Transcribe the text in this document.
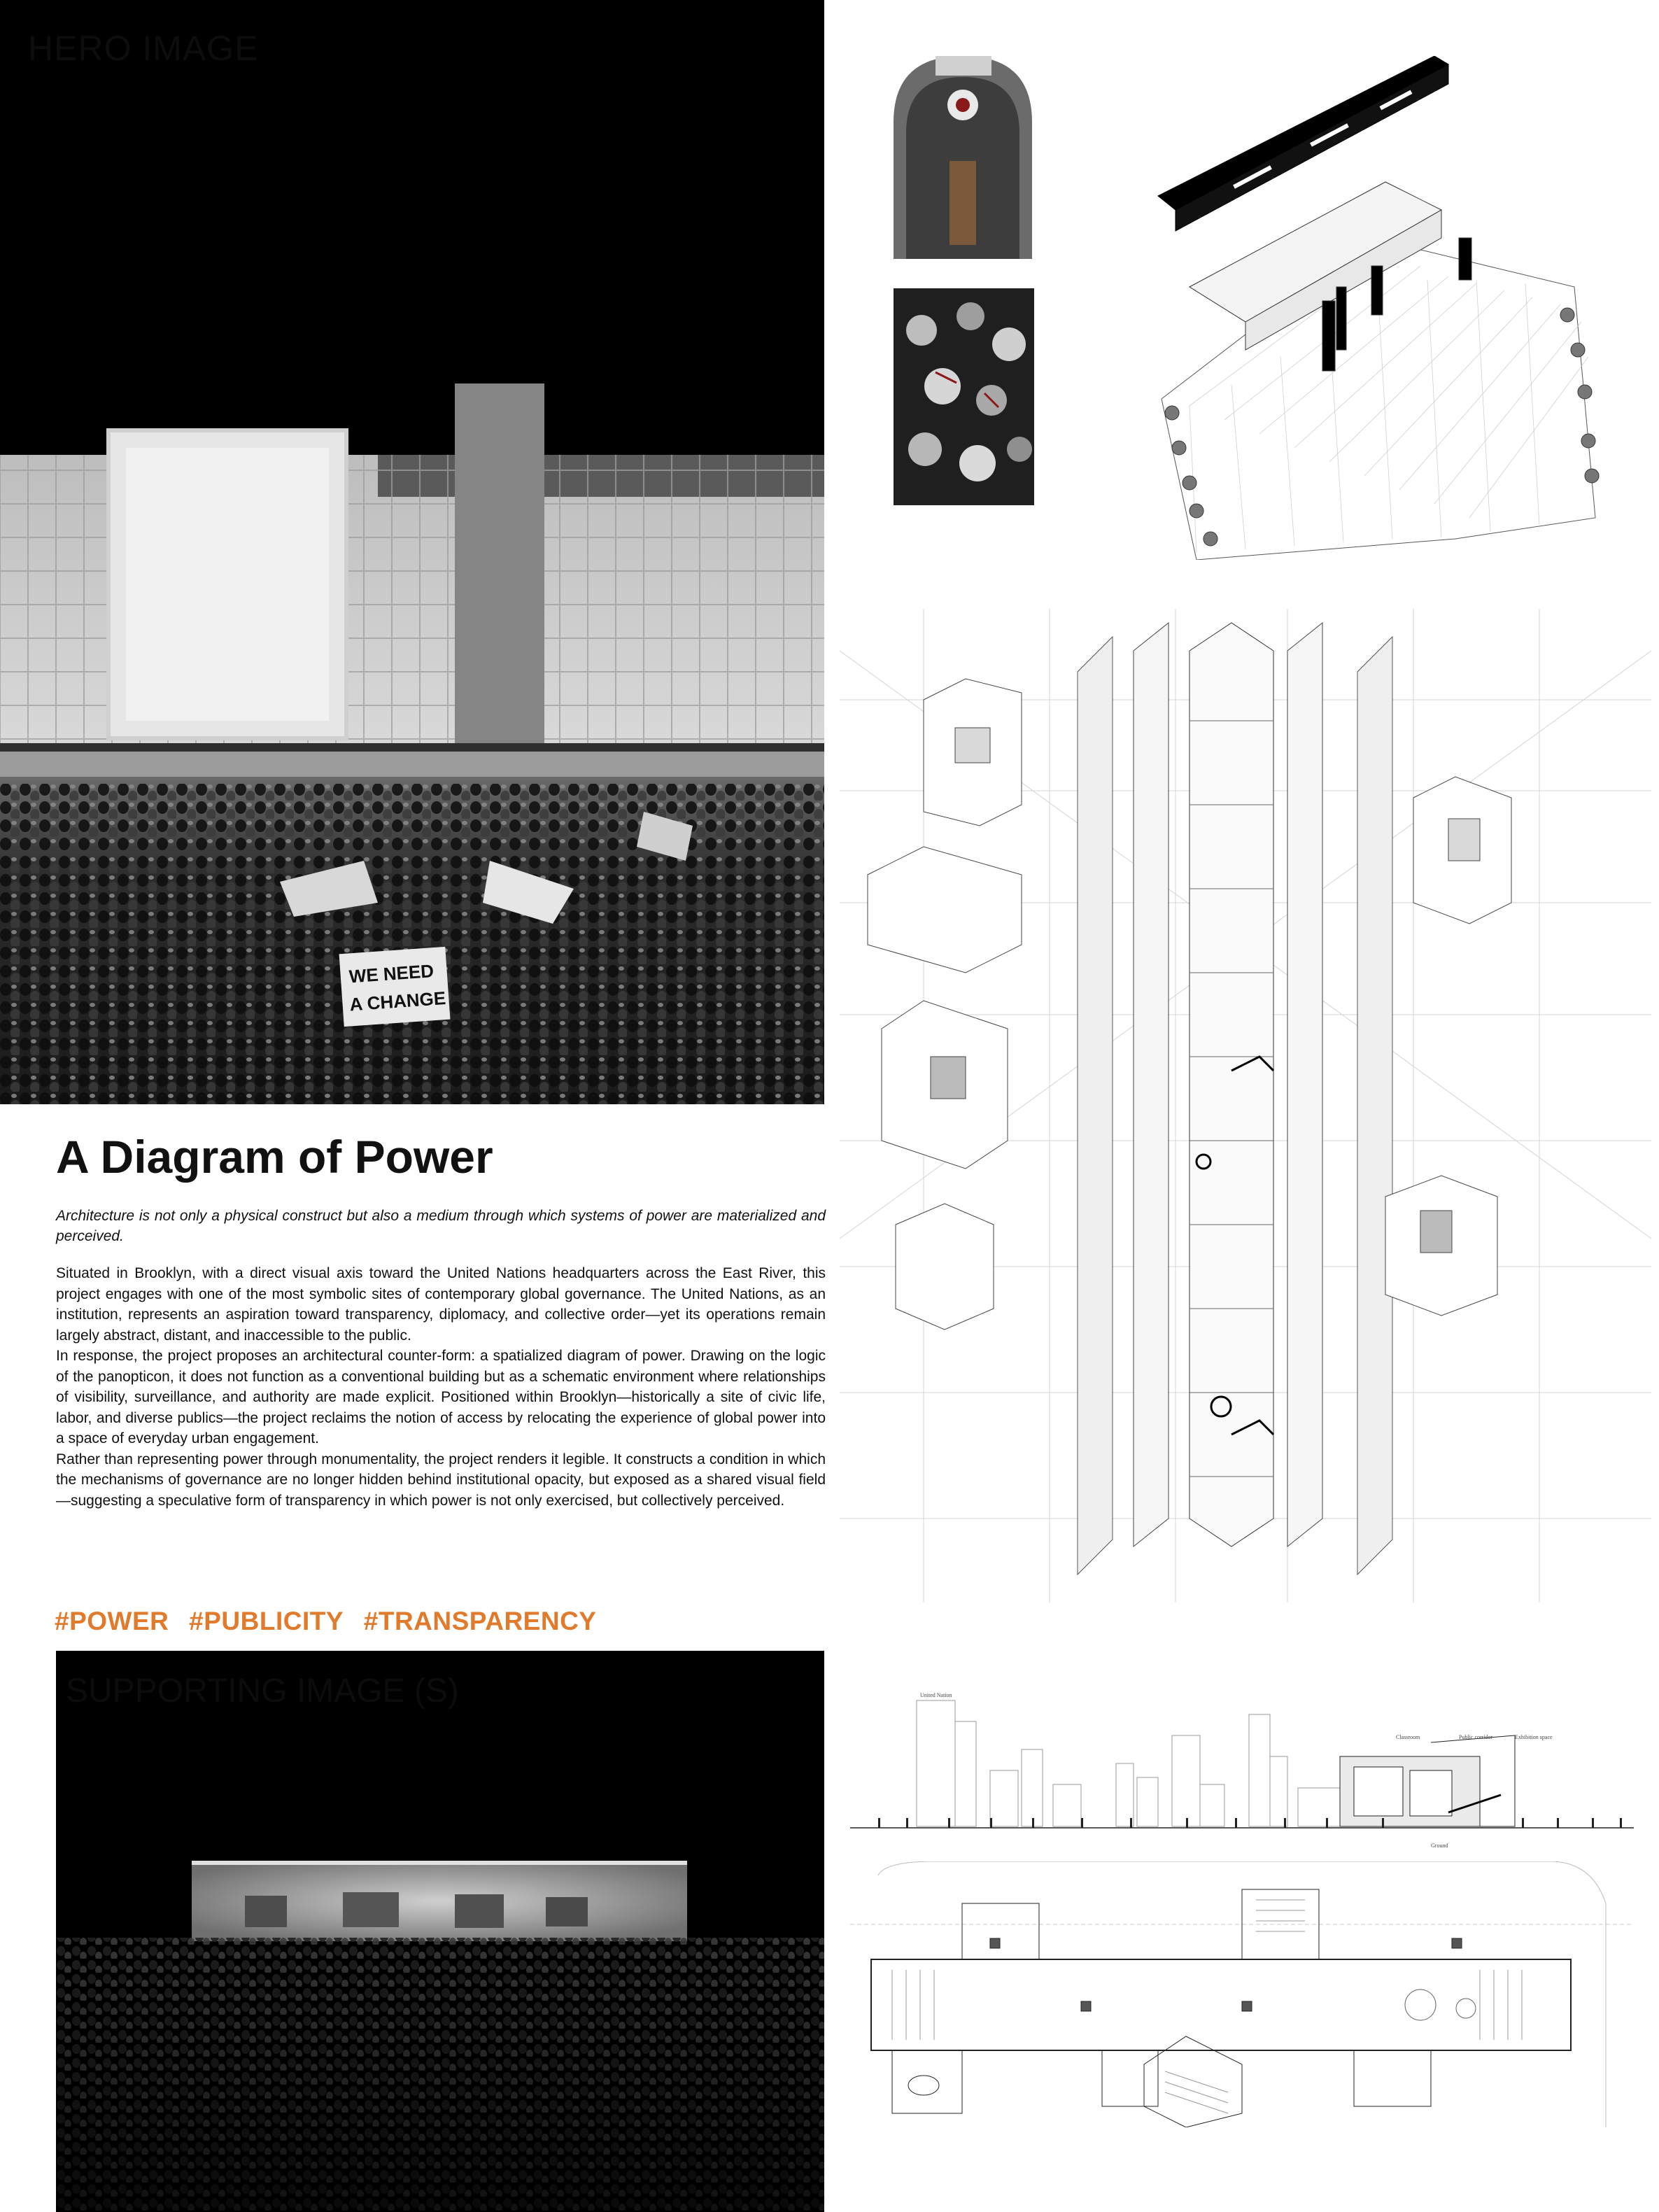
WE NEED
A CHANGE
HERO IMAGE
A Diagram of Power

Architecture is not only a physical construct but also a medium through which systems of power are materialized and perceived.

Situated in Brooklyn, with a direct visual axis toward the United Nations headquarters across the East River, this project engages with one of the most symbolic sites of contemporary global governance. The United Nations, as an institution, represents an aspiration toward transparency, diplomacy, and collective order—yet its operations remain largely abstract, distant, and inaccessible to the public.

In response, the project proposes an architectural counter-form: a spatialized diagram of power. Drawing on the logic of the panopticon, it does not function as a conventional building but as a schematic environment where relationships of visibility, surveillance, and authority are made explicit. Positioned within Brooklyn—historically a site of civic life, labor, and diverse publics—the project reclaims the notion of access by relocating the experience of global power into a space of everyday urban engagement.

Rather than representing power through monumentality, the project renders it legible. It constructs a condition in which the mechanisms of governance are no longer hidden behind institutional opacity, but exposed as a shared visual field—suggesting a speculative form of transparency in which power is not only exercised, but collectively perceived.

#POWER #PUBLICITY #TRANSPARENCY
SUPPORTING IMAGE (S)	United Nation
Classroom	Public corridor	Exhibition space
Ground
